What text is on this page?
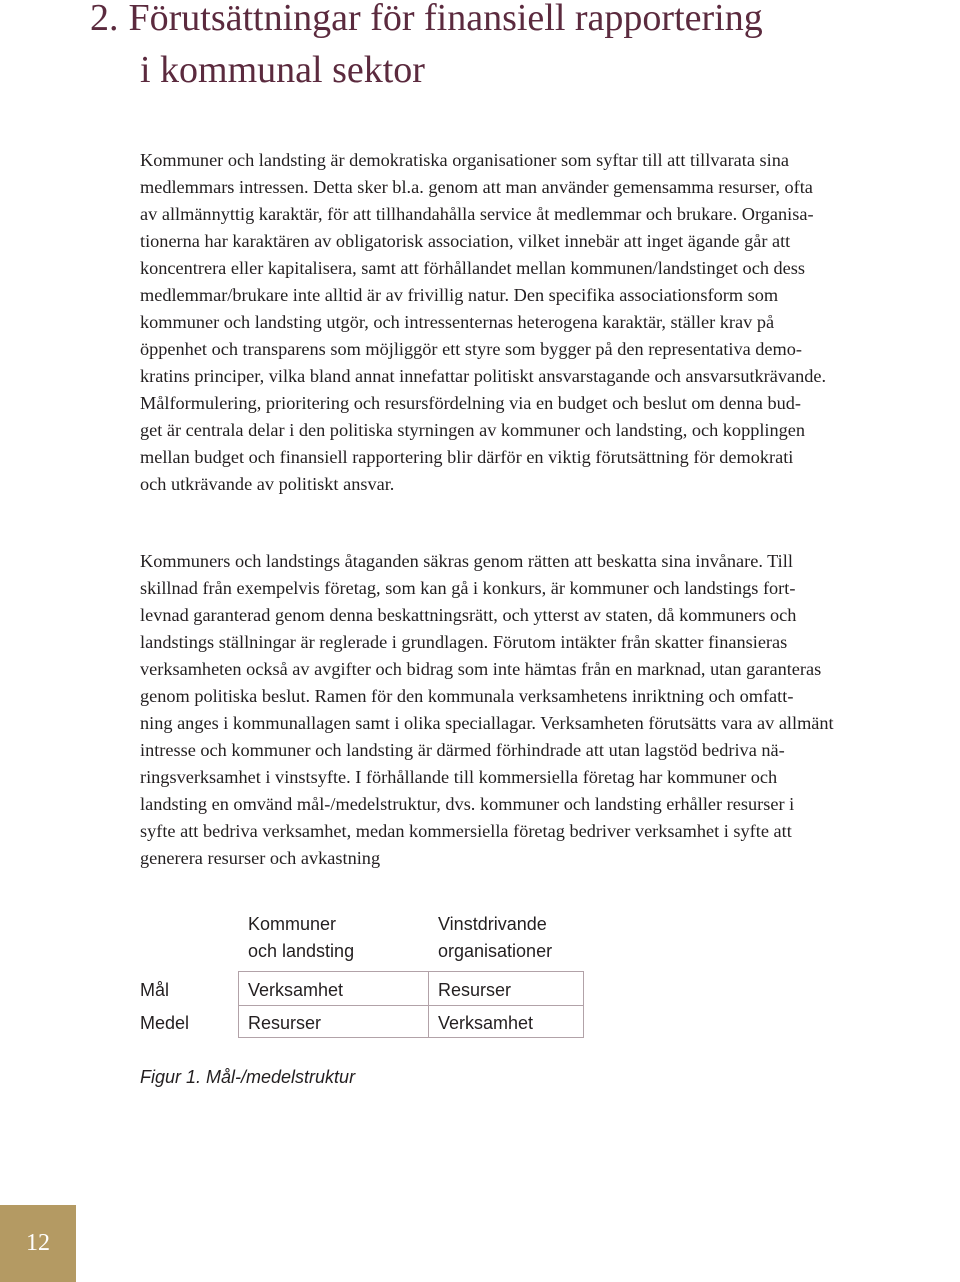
2. Förutsättningar för finansiell rapportering
i kommunal sektor

Kommuner och landsting är demokratiska organisationer som syftar till att tillvarata sina
medlemmars intressen. Detta sker bl.a. genom att man använder gemensamma resurser, ofta
av allmännyttig karaktär, för att tillhandahålla service åt medlemmar och brukare. Organisa-
tionerna har karaktären av obligatorisk association, vilket innebär att inget ägande går att
koncentrera eller kapitalisera, samt att förhållandet mellan kommunen/landstinget och dess
medlemmar/brukare inte alltid är av frivillig natur. Den specifika associationsform som
kommuner och landsting utgör, och intressenternas heterogena karaktär, ställer krav på
öppenhet och transparens som möjliggör ett styre som bygger på den representativa demo-
kratins principer, vilka bland annat innefattar politiskt ansvarstagande och ansvarsutkrävande.
Målformulering, prioritering och resursfördelning via en budget och beslut om denna bud-
get är centrala delar i den politiska styrningen av kommuner och landsting, och kopplingen
mellan budget och finansiell rapportering blir därför en viktig förutsättning för demokrati
och utkrävande av politiskt ansvar.

Kommuners och landstings åtaganden säkras genom rätten att beskatta sina invånare. Till
skillnad från exempelvis företag, som kan gå i konkurs, är kommuner och landstings fort-
levnad garanterad genom denna beskattningsrätt, och ytterst av staten, då kommuners och
landstings ställningar är reglerade i grundlagen. Förutom intäkter från skatter finansieras
verksamheten också av avgifter och bidrag som inte hämtas från en marknad, utan garanteras
genom politiska beslut. Ramen för den kommunala verksamhetens inriktning och omfatt-
ning anges i kommunallagen samt i olika speciallagar. Verksamheten förutsätts vara av allmänt
intresse och kommuner och landsting är därmed förhindrade att utan lagstöd bedriva nä-
ringsverksamhet i vinstsyfte. I förhållande till kommersiella företag har kommuner och
landsting en omvänd mål-/medelstruktur, dvs. kommuner och landsting erhåller resurser i
syfte att bedriva verksamhet, medan kommersiella företag bedriver verksamhet i syfte att
generera resurser och avkastning

Kommuner
och landsting
Vinstdrivande
organisationer
Mål
Medel
Verksamhet	Resurser
Resurser	Verksamhet
Figur 1. Mål-/medelstruktur
12
